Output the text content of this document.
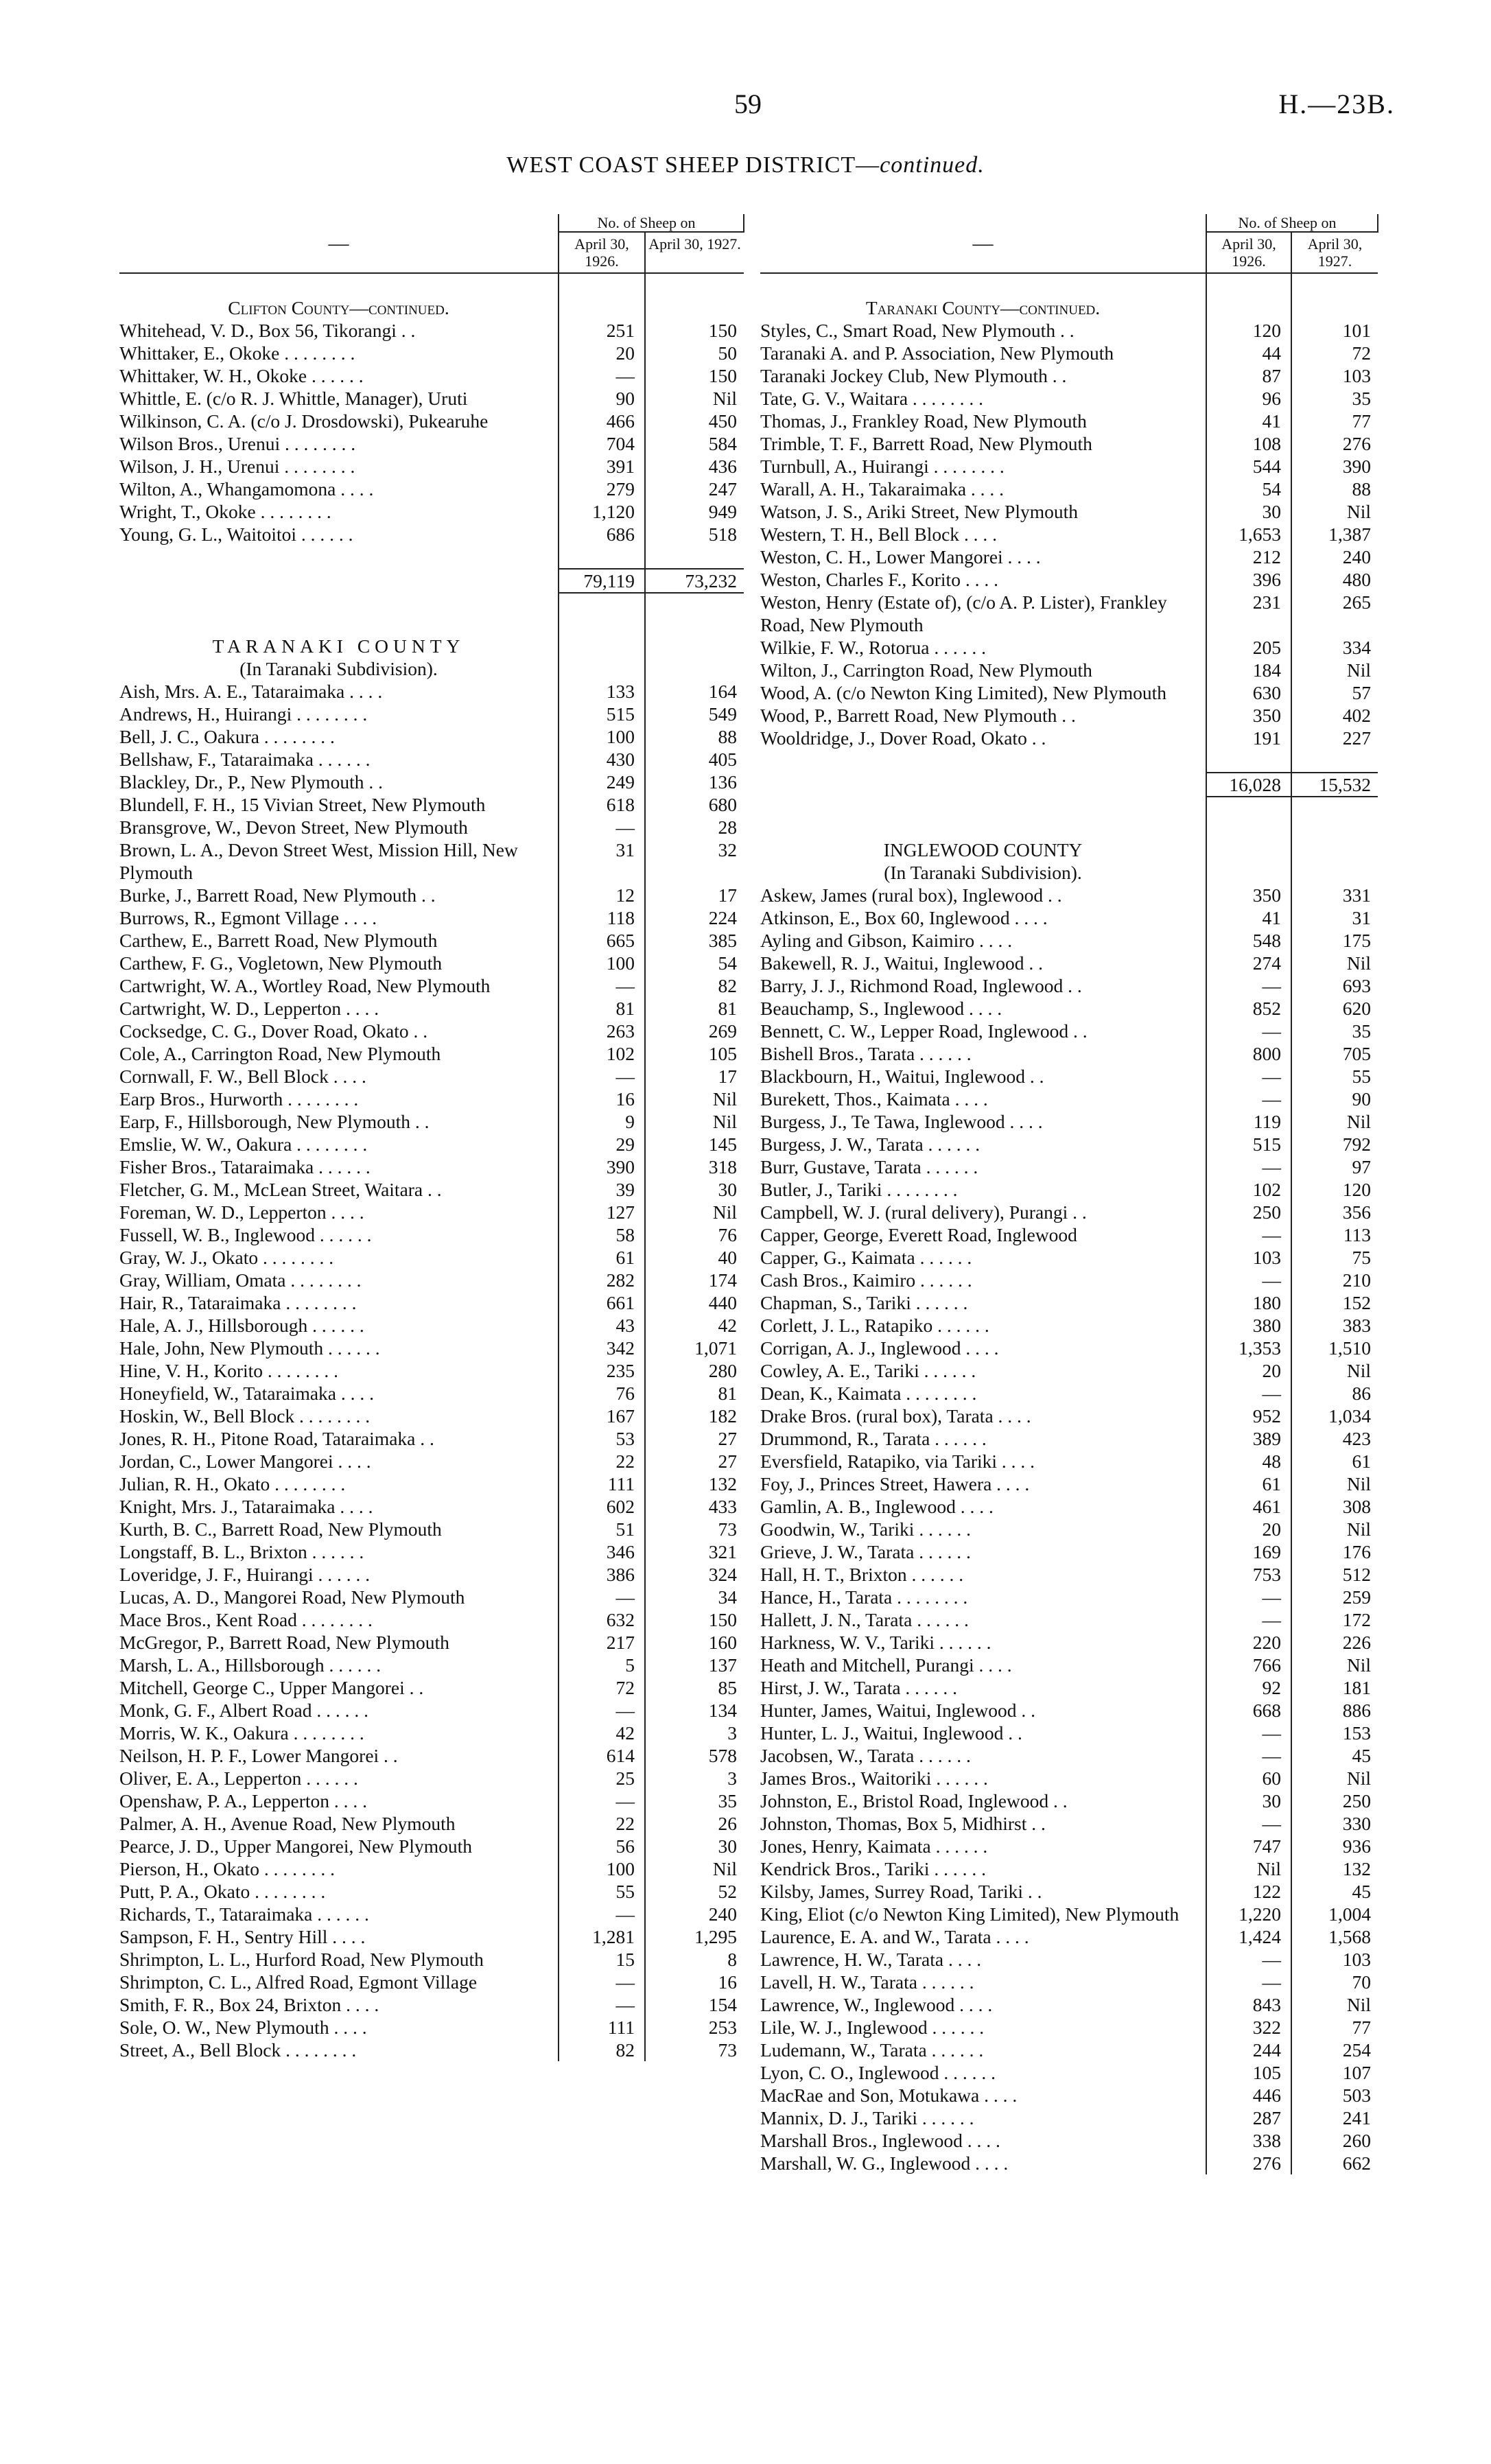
59	H.—23B.
WEST COAST SHEEP DISTRICT—continued.
—	No. of Sheep on	
	April 30, 1926.	April 30, 1927.

Clifton County—continued.		
Whitehead, V. D., Box 56, Tikorangi . .	251	150
Whittaker, E., Okoke . . . . . . . .	20	50
Whittaker, W. H., Okoke . . . . . .	—	150
Whittle, E. (c/o R. J. Whittle, Manager), Uruti	90	Nil
Wilkinson, C. A. (c/o J. Drosdowski), Pukearuhe	466	450
Wilson Bros., Urenui . . . . . . . .	704	584
Wilson, J. H., Urenui . . . . . . . .	391	436
Wilton, A., Whangamomona . . . .	279	247
Wright, T., Okoke . . . . . . . .	1,120	949
Young, G. L., Waitoitoi . . . . . .	686	518

	79,119	73,232

TARANAKI COUNTY		
(In Taranaki Subdivision).		
Aish, Mrs. A. E., Tataraimaka . . . .	133	164
Andrews, H., Huirangi . . . . . . . .	515	549
Bell, J. C., Oakura . . . . . . . .	100	88
Bellshaw, F., Tataraimaka . . . . . .	430	405
Blackley, Dr., P., New Plymouth . .	249	136
Blundell, F. H., 15 Vivian Street, New Plymouth	618	680
Bransgrove, W., Devon Street, New Plymouth	—	28
Brown, L. A., Devon Street West, Mission Hill, New Plymouth	31	32
Burke, J., Barrett Road, New Plymouth . .	12	17
Burrows, R., Egmont Village . . . .	118	224
Carthew, E., Barrett Road, New Plymouth	665	385
Carthew, F. G., Vogletown, New Plymouth	100	54
Cartwright, W. A., Wortley Road, New Plymouth	—	82
Cartwright, W. D., Lepperton . . . .	81	81
Cocksedge, C. G., Dover Road, Okato . .	263	269
Cole, A., Carrington Road, New Plymouth	102	105
Cornwall, F. W., Bell Block . . . .	—	17
Earp Bros., Hurworth . . . . . . . .	16	Nil
Earp, F., Hillsborough, New Plymouth . .	9	Nil
Emslie, W. W., Oakura . . . . . . . .	29	145
Fisher Bros., Tataraimaka . . . . . .	390	318
Fletcher, G. M., McLean Street, Waitara . .	39	30
Foreman, W. D., Lepperton . . . .	127	Nil
Fussell, W. B., Inglewood . . . . . .	58	76
Gray, W. J., Okato . . . . . . . .	61	40
Gray, William, Omata . . . . . . . .	282	174
Hair, R., Tataraimaka . . . . . . . .	661	440
Hale, A. J., Hillsborough . . . . . .	43	42
Hale, John, New Plymouth . . . . . .	342	1,071
Hine, V. H., Korito . . . . . . . .	235	280
Honeyfield, W., Tataraimaka . . . .	76	81
Hoskin, W., Bell Block . . . . . . . .	167	182
Jones, R. H., Pitone Road, Tataraimaka . .	53	27
Jordan, C., Lower Mangorei . . . .	22	27
Julian, R. H., Okato . . . . . . . .	111	132
Knight, Mrs. J., Tataraimaka . . . .	602	433
Kurth, B. C., Barrett Road, New Plymouth	51	73
Longstaff, B. L., Brixton . . . . . .	346	321
Loveridge, J. F., Huirangi . . . . . .	386	324
Lucas, A. D., Mangorei Road, New Plymouth	—	34
Mace Bros., Kent Road . . . . . . . .	632	150
McGregor, P., Barrett Road, New Plymouth	217	160
Marsh, L. A., Hillsborough . . . . . .	5	137
Mitchell, George C., Upper Mangorei . .	72	85
Monk, G. F., Albert Road . . . . . .	—	134
Morris, W. K., Oakura . . . . . . . .	42	3
Neilson, H. P. F., Lower Mangorei . .	614	578
Oliver, E. A., Lepperton . . . . . .	25	3
Openshaw, P. A., Lepperton . . . .	—	35
Palmer, A. H., Avenue Road, New Plymouth	22	26
Pearce, J. D., Upper Mangorei, New Plymouth	56	30
Pierson, H., Okato . . . . . . . .	100	Nil
Putt, P. A., Okato . . . . . . . .	55	52
Richards, T., Tataraimaka . . . . . .	—	240
Sampson, F. H., Sentry Hill . . . .	1,281	1,295
Shrimpton, L. L., Hurford Road, New Plymouth	15	8
Shrimpton, C. L., Alfred Road, Egmont Village	—	16
Smith, F. R., Box 24, Brixton . . . .	—	154
Sole, O. W., New Plymouth . . . .	111	253
Street, A., Bell Block . . . . . . . .	82	73
—	No. of Sheep on	
	April 30, 1926.	April 30, 1927.

Taranaki County—continued.		
Styles, C., Smart Road, New Plymouth . .	120	101
Taranaki A. and P. Association, New Plymouth	44	72
Taranaki Jockey Club, New Plymouth . .	87	103
Tate, G. V., Waitara . . . . . . . .	96	35
Thomas, J., Frankley Road, New Plymouth	41	77
Trimble, T. F., Barrett Road, New Plymouth	108	276
Turnbull, A., Huirangi . . . . . . . .	544	390
Warall, A. H., Takaraimaka . . . .	54	88
Watson, J. S., Ariki Street, New Plymouth	30	Nil
Western, T. H., Bell Block . . . .	1,653	1,387
Weston, C. H., Lower Mangorei . . . .	212	240
Weston, Charles F., Korito . . . .	396	480
Weston, Henry (Estate of), (c/o A. P. Lister), Frankley Road, New Plymouth	231	265
Wilkie, F. W., Rotorua . . . . . .	205	334
Wilton, J., Carrington Road, New Plymouth	184	Nil
Wood, A. (c/o Newton King Limited), New Plymouth	630	57
Wood, P., Barrett Road, New Plymouth . .	350	402
Wooldridge, J., Dover Road, Okato . .	191	227

	16,028	15,532

INGLEWOOD COUNTY		
(In Taranaki Subdivision).		
Askew, James (rural box), Inglewood . .	350	331
Atkinson, E., Box 60, Inglewood . . . .	41	31
Ayling and Gibson, Kaimiro . . . .	548	175
Bakewell, R. J., Waitui, Inglewood . .	274	Nil
Barry, J. J., Richmond Road, Inglewood . .	—	693
Beauchamp, S., Inglewood . . . .	852	620
Bennett, C. W., Lepper Road, Inglewood . .	—	35
Bishell Bros., Tarata . . . . . .	800	705
Blackbourn, H., Waitui, Inglewood . .	—	55
Burekett, Thos., Kaimata . . . .	—	90
Burgess, J., Te Tawa, Inglewood . . . .	119	Nil
Burgess, J. W., Tarata . . . . . .	515	792
Burr, Gustave, Tarata . . . . . .	—	97
Butler, J., Tariki . . . . . . . .	102	120
Campbell, W. J. (rural delivery), Purangi . .	250	356
Capper, George, Everett Road, Inglewood	—	113
Capper, G., Kaimata . . . . . .	103	75
Cash Bros., Kaimiro . . . . . .	—	210
Chapman, S., Tariki . . . . . .	180	152
Corlett, J. L., Ratapiko . . . . . .	380	383
Corrigan, A. J., Inglewood . . . .	1,353	1,510
Cowley, A. E., Tariki . . . . . .	20	Nil
Dean, K., Kaimata . . . . . . . .	—	86
Drake Bros. (rural box), Tarata . . . .	952	1,034
Drummond, R., Tarata . . . . . .	389	423
Eversfield, Ratapiko, via Tariki . . . .	48	61
Foy, J., Princes Street, Hawera . . . .	61	Nil
Gamlin, A. B., Inglewood . . . .	461	308
Goodwin, W., Tariki . . . . . .	20	Nil
Grieve, J. W., Tarata . . . . . .	169	176
Hall, H. T., Brixton . . . . . .	753	512
Hance, H., Tarata . . . . . . . .	—	259
Hallett, J. N., Tarata . . . . . .	—	172
Harkness, W. V., Tariki . . . . . .	220	226
Heath and Mitchell, Purangi . . . .	766	Nil
Hirst, J. W., Tarata . . . . . .	92	181
Hunter, James, Waitui, Inglewood . .	668	886
Hunter, L. J., Waitui, Inglewood . .	—	153
Jacobsen, W., Tarata . . . . . .	—	45
James Bros., Waitoriki . . . . . .	60	Nil
Johnston, E., Bristol Road, Inglewood . .	30	250
Johnston, Thomas, Box 5, Midhirst . .	—	330
Jones, Henry, Kaimata . . . . . .	747	936
Kendrick Bros., Tariki . . . . . .	Nil	132
Kilsby, James, Surrey Road, Tariki . .	122	45
King, Eliot (c/o Newton King Limited), New Plymouth	1,220	1,004
Laurence, E. A. and W., Tarata . . . .	1,424	1,568
Lawrence, H. W., Tarata . . . .	—	103
Lavell, H. W., Tarata . . . . . .	—	70
Lawrence, W., Inglewood . . . .	843	Nil
Lile, W. J., Inglewood . . . . . .	322	77
Ludemann, W., Tarata . . . . . .	244	254
Lyon, C. O., Inglewood . . . . . .	105	107
MacRae and Son, Motukawa . . . .	446	503
Mannix, D. J., Tariki . . . . . .	287	241
Marshall Bros., Inglewood . . . .	338	260
Marshall, W. G., Inglewood . . . .	276	662
